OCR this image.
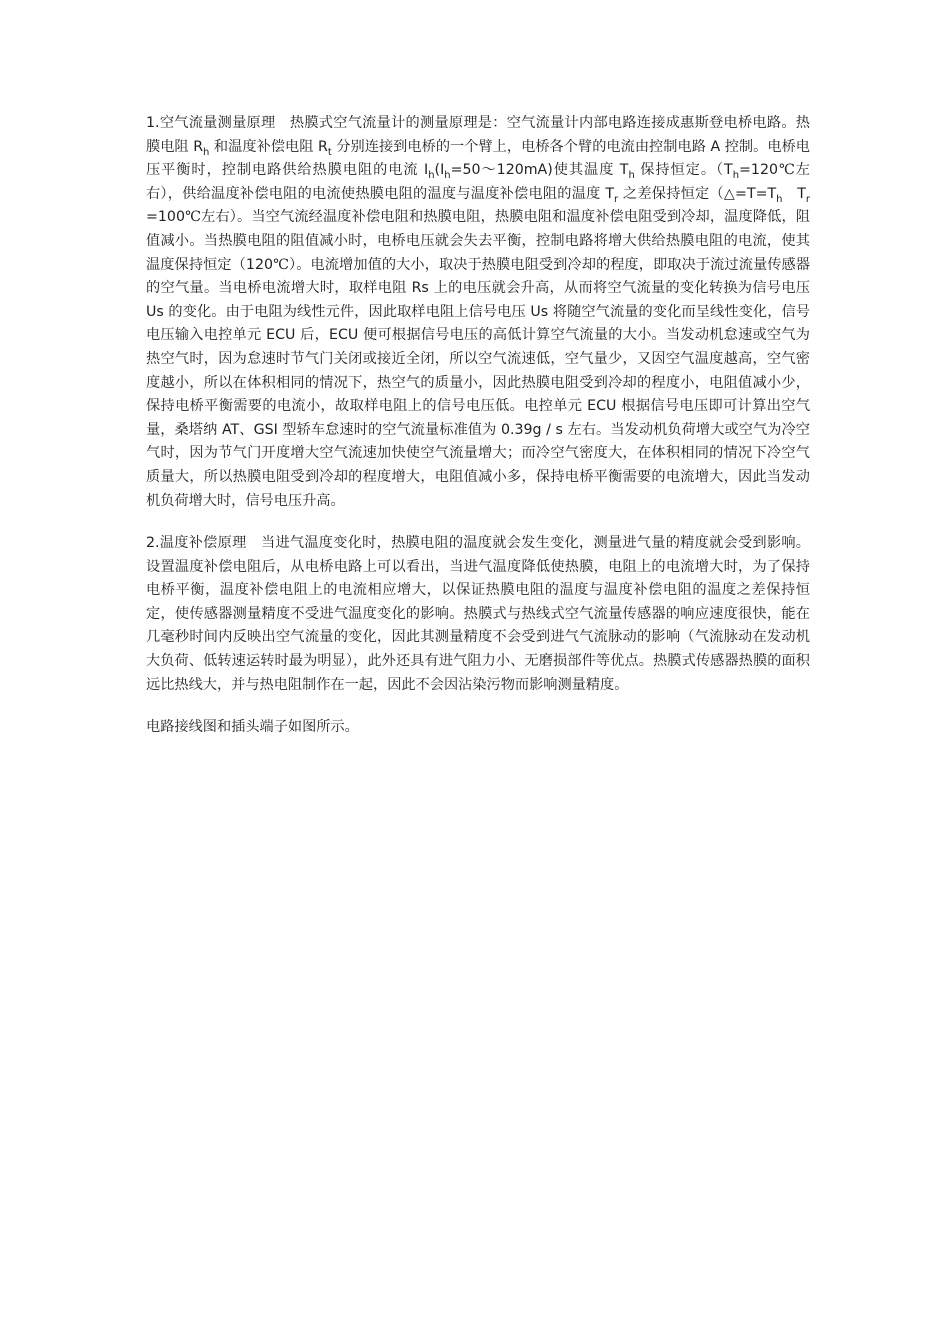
1.空气流量测量原理　热膜式空气流量计的测量原理是：空气流量计内部电路连接成惠斯登电桥电路。热膜电阻 $R_h$ 和温度补偿电阻 $R_t$ 分别连接到电桥的一个臂上，电桥各个臂的电流由控制电路 A 控制。电桥电压平衡时，控制电路供给热膜电阻的电流 $I_h(I_h=50\sim 120mA)$使其温度 $T_h$ 保持恒定。（$T_h=120℃$左右），供给温度补偿电阻的电流使热膜电阻的温度与温度补偿电阻的温度 $T_r$ 之差保持恒定（$\triangle=T=T_h$　 $T_r=100℃$左右）。当空气流经温度补偿电阻和热膜电阻，热膜电阻和温度补偿电阻受到冷却，温度降低，阻值减小。当热膜电阻的阻值减小时，电桥电压就会失去平衡，控制电路将增大供给热膜电阻的电流，使其温度保持恒定（120℃）。电流增加值的大小，取决于热膜电阻受到冷却的程度，即取决于流过流量传感器的空气量。当电桥电流增大时，取样电阻 Rs 上的电压就会升高，从而将空气流量的变化转换为信号电压 Us 的变化。由于电阻为线性元件，因此取样电阻上信号电压 Us 将随空气流量的变化而呈线性变化，信号电压输入电控单元 ECU 后，ECU 便可根据信号电压的高低计算空气流量的大小。当发动机怠速或空气为热空气时，因为怠速时节气门关闭或接近全闭，所以空气流速低，空气量少，又因空气温度越高，空气密度越小，所以在体积相同的情况下，热空气的质量小，因此热膜电阻受到冷却的程度小，电阻值减小少，保持电桥平衡需要的电流小，故取样电阻上的信号电压低。电控单元 ECU 根据信号电压即可计算出空气量，桑塔纳 AT、GSI 型轿车怠速时的空气流量标准值为 0.39g / s 左右。当发动机负荷增大或空气为冷空气时，因为节气门开度增大空气流速加快使空气流量增大；而冷空气密度大，在体积相同的情况下冷空气质量大，所以热膜电阻受到冷却的程度增大，电阻值减小多，保持电桥平衡需要的电流增大，因此当发动机负荷增大时，信号电压升高。

2.温度补偿原理　当进气温度变化时，热膜电阻的温度就会发生变化，测量进气量的精度就会受到影响。设置温度补偿电阻后，从电桥电路上可以看出，当进气温度降低使热膜，电阻上的电流增大时，为了保持电桥平衡，温度补偿电阻上的电流相应增大，以保证热膜电阻的温度与温度补偿电阻的温度之差保持恒定，使传感器测量精度不受进气温度变化的影响。热膜式与热线式空气流量传感器的响应速度很快，能在几毫秒时间内反映出空气流量的变化，因此其测量精度不会受到进气气流脉动的影响（气流脉动在发动机大负荷、低转速运转时最为明显），此外还具有进气阻力小、无磨损部件等优点。热膜式传感器热膜的面积远比热线大，并与热电阻制作在一起，因此不会因沾染污物而影响测量精度。

电路接线图和插头端子如图所示。
